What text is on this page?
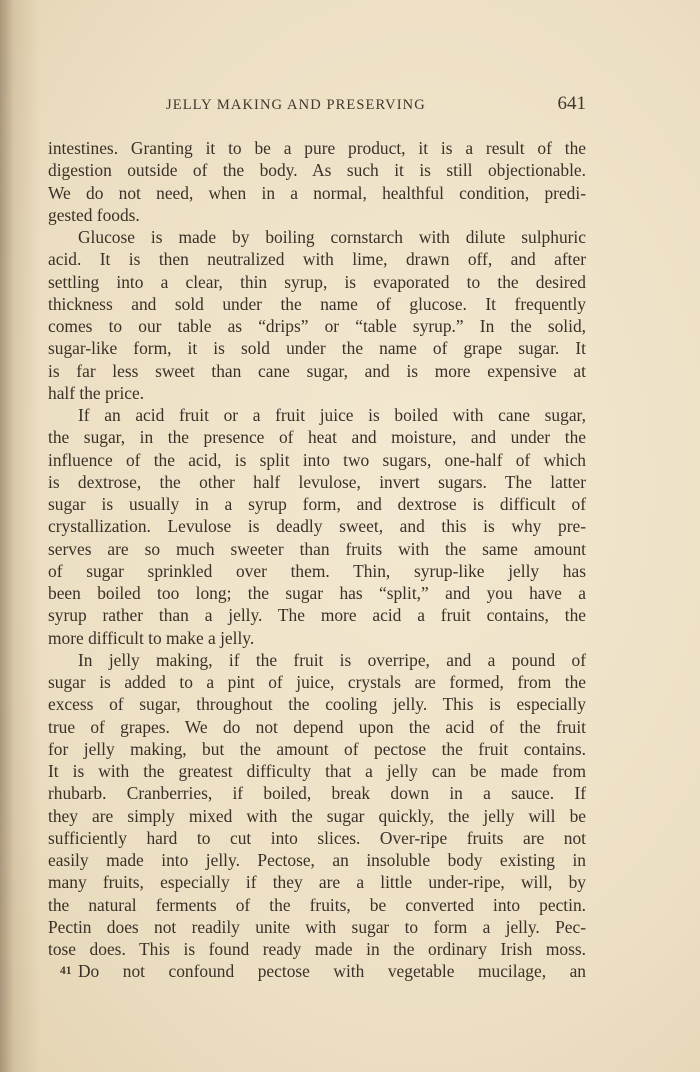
JELLY MAKING AND PRESERVING	641
intestines. Granting it to be a pure product, it is a result of the
digestion outside of the body. As such it is still objectionable.
We do not need, when in a normal, healthful condition, predi-
gested foods.
Glucose is made by boiling cornstarch with dilute sulphuric
acid. It is then neutralized with lime, drawn off, and after
settling into a clear, thin syrup, is evaporated to the desired
thickness and sold under the name of glucose. It frequently
comes to our table as “drips” or “table syrup.” In the solid,
sugar-like form, it is sold under the name of grape sugar. It
is far less sweet than cane sugar, and is more expensive at
half the price.
If an acid fruit or a fruit juice is boiled with cane sugar,
the sugar, in the presence of heat and moisture, and under the
influence of the acid, is split into two sugars, one-half of which
is dextrose, the other half levulose, invert sugars. The latter
sugar is usually in a syrup form, and dextrose is difficult of
crystallization. Levulose is deadly sweet, and this is why pre-
serves are so much sweeter than fruits with the same amount
of sugar sprinkled over them. Thin, syrup-like jelly has
been boiled too long; the sugar has “split,” and you have a
syrup rather than a jelly. The more acid a fruit contains, the
more difficult to make a jelly.
In jelly making, if the fruit is overripe, and a pound of
sugar is added to a pint of juice, crystals are formed, from the
excess of sugar, throughout the cooling jelly. This is especially
true of grapes. We do not depend upon the acid of the fruit
for jelly making, but the amount of pectose the fruit contains.
It is with the greatest difficulty that a jelly can be made from
rhubarb. Cranberries, if boiled, break down in a sauce. If
they are simply mixed with the sugar quickly, the jelly will be
sufficiently hard to cut into slices. Over-ripe fruits are not
easily made into jelly. Pectose, an insoluble body existing in
many fruits, especially if they are a little under-ripe, will, by
the natural ferments of the fruits, be converted into pectin.
Pectin does not readily unite with sugar to form a jelly. Pec-
tose does. This is found ready made in the ordinary Irish moss.
Do not confound pectose with vegetable mucilage, an
41
